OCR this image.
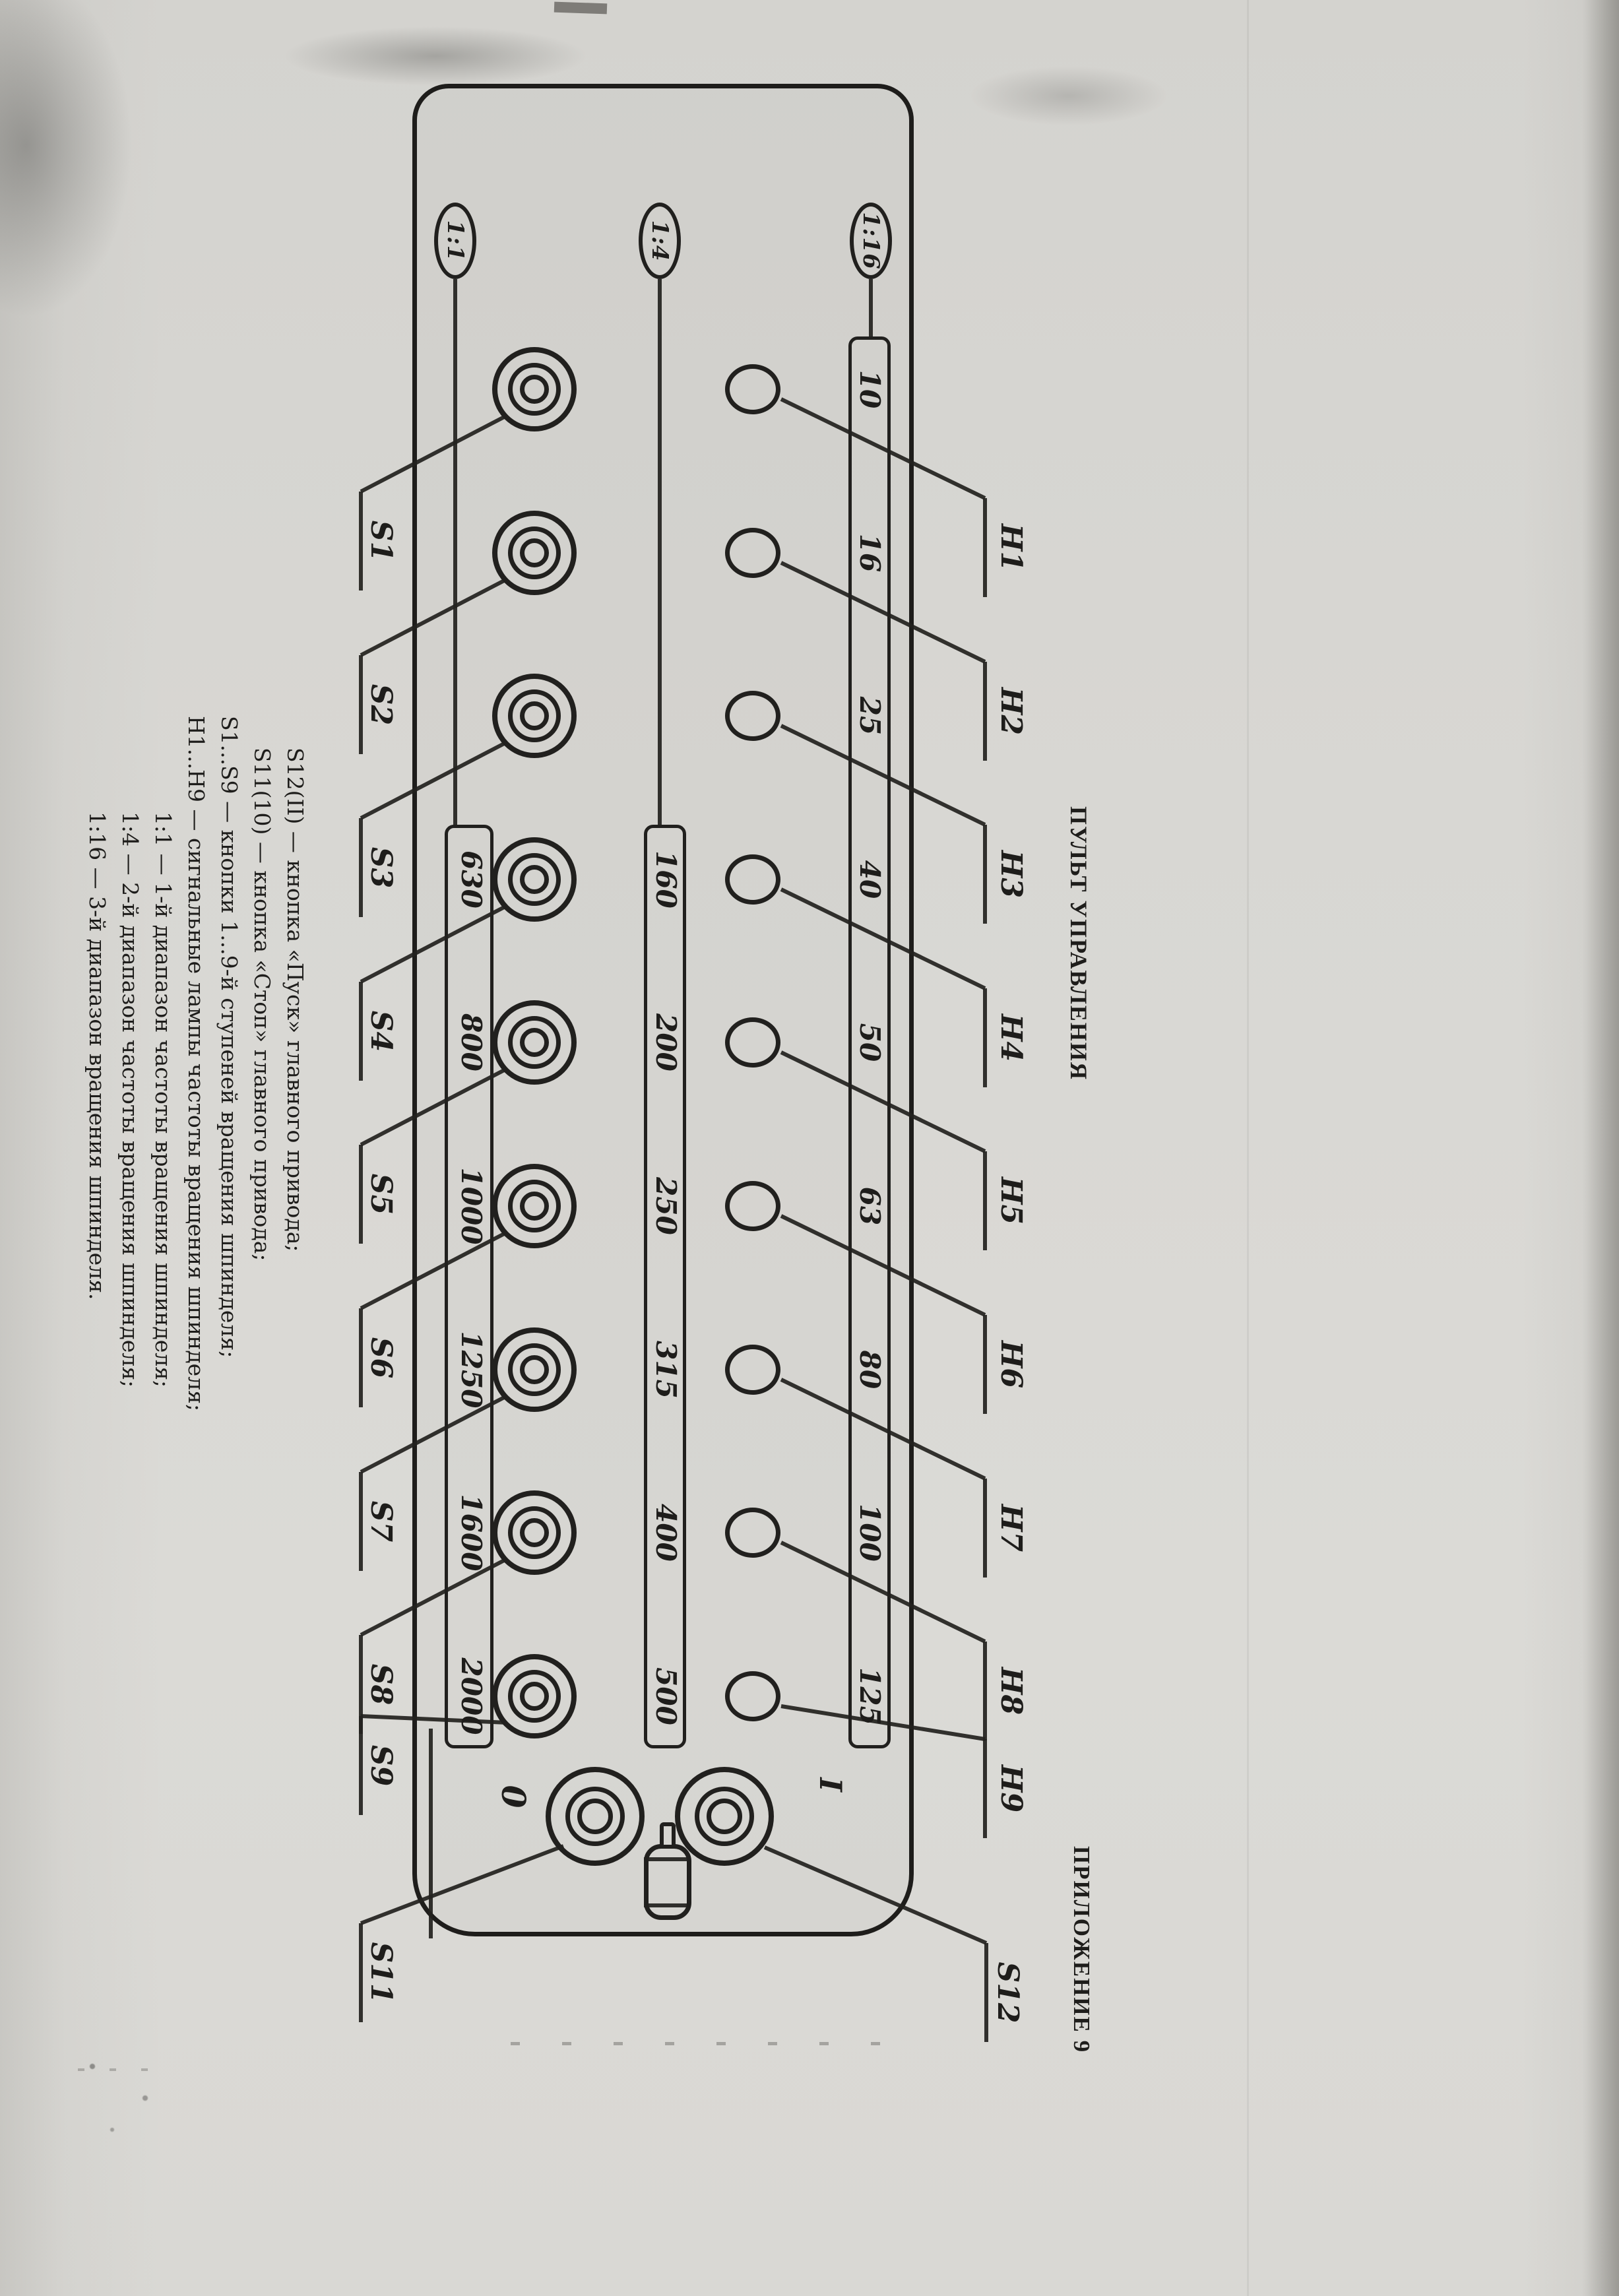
ПУЛЬТ УПРАВЛЕНИЯ
ПРИЛОЖЕНИЕ 9
1:1	1:4	1:16
10
16
25
40
50
63
80
100
125
160
200
250
315
400
500
630
800
1000
1250
1600
2000
S1
S2
S3
S4
S5
S6
S7
S8
S9
H1
H2
H3
H4
H5
H6
H7
H8
H9
0
I
S11	S12
S12(II) — кнопка «Пуск» главного привода;
S11(10) — кнопка «Стоп» главного привода;
S1...S9 — кнопки 1...9-й ступеней вращения шпинделя;
H1...H9 — сигнальные лампы частоты вращения шпинделя;
1:1 — 1-й диапазон частоты вращения шпинделя;
1:4 — 2-й диапазон частоты вращения шпинделя;
1:16 — 3-й диапазон вращения шпинделя.
